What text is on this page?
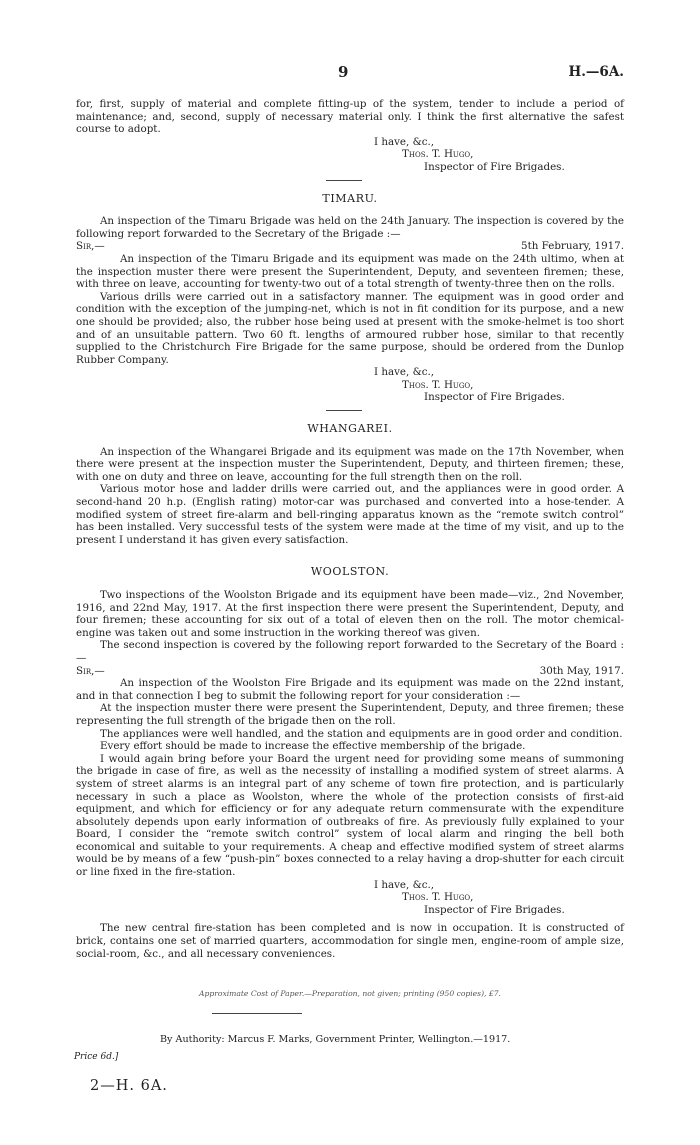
9	H.—6A.

for, first, supply of material and complete fitting-up of the system, tender to include a period of maintenance; and, second, supply of necessary material only. I think the first alternative the safest course to adopt.

I have, &c.,
Thos. T. Hugo,
Inspector of Fire Brigades.
TIMARU.

An inspection of the Timaru Brigade was held on the 24th January. The inspection is covered by the following report forwarded to the Secretary of the Brigade :—

Sir,—	5th February, 1917.

An inspection of the Timaru Brigade and its equipment was made on the 24th ultimo, when at the inspection muster there were present the Superintendent, Deputy, and seventeen firemen; these, with three on leave, accounting for twenty-two out of a total strength of twenty-three then on the rolls.

Various drills were carried out in a satisfactory manner. The equipment was in good order and condition with the exception of the jumping-net, which is not in fit condition for its purpose, and a new one should be provided; also, the rubber hose being used at present with the smoke-helmet is too short and of an unsuitable pattern. Two 60 ft. lengths of armoured rubber hose, similar to that recently supplied to the Christchurch Fire Brigade for the same purpose, should be ordered from the Dunlop Rubber Company.

I have, &c.,
Thos. T. Hugo,
Inspector of Fire Brigades.
WHANGAREI.

An inspection of the Whangarei Brigade and its equipment was made on the 17th November, when there were present at the inspection muster the Superintendent, Deputy, and thirteen firemen; these, with one on duty and three on leave, accounting for the full strength then on the roll.

Various motor hose and ladder drills were carried out, and the appliances were in good order. A second-hand 20 h.p. (English rating) motor-car was purchased and converted into a hose-tender. A modified system of street fire-alarm and bell-ringing apparatus known as the “remote switch control” has been installed. Very successful tests of the system were made at the time of my visit, and up to the present I understand it has given every satisfaction.

WOOLSTON.

Two inspections of the Woolston Brigade and its equipment have been made—viz., 2nd November, 1916, and 22nd May, 1917. At the first inspection there were present the Superintendent, Deputy, and four firemen; these accounting for six out of a total of eleven then on the roll. The motor chemical-engine was taken out and some instruction in the working thereof was given.

The second inspection is covered by the following report forwarded to the Secretary of the Board :—

Sir,—	30th May, 1917.

An inspection of the Woolston Fire Brigade and its equipment was made on the 22nd instant, and in that connection I beg to submit the following report for your consideration :—

At the inspection muster there were present the Superintendent, Deputy, and three firemen; these representing the full strength of the brigade then on the roll.

The appliances were well handled, and the station and equipments are in good order and condition.

Every effort should be made to increase the effective membership of the brigade.

I would again bring before your Board the urgent need for providing some means of summoning the brigade in case of fire, as well as the necessity of installing a modified system of street alarms. A system of street alarms is an integral part of any scheme of town fire protection, and is particularly necessary in such a place as Woolston, where the whole of the protection consists of first-aid equipment, and which for efficiency or for any adequate return commensurate with the expenditure absolutely depends upon early information of outbreaks of fire. As previously fully explained to your Board, I consider the “remote switch control” system of local alarm and ringing the bell both economical and suitable to your requirements. A cheap and effective modified system of street alarms would be by means of a few “push-pin” boxes connected to a relay having a drop-shutter for each circuit or line fixed in the fire-station.

I have, &c.,
Thos. T. Hugo,
Inspector of Fire Brigades.

The new central fire-station has been completed and is now in occupation. It is constructed of brick, contains one set of married quarters, accommodation for single men, engine-room of ample size, social-room, &c., and all necessary conveniences.

Approximate Cost of Paper.—Preparation, not given; printing (950 copies), £7.

By Authority: Marcus F. Marks, Government Printer, Wellington.—1917.
Price 6d.]
2—H. 6A.
